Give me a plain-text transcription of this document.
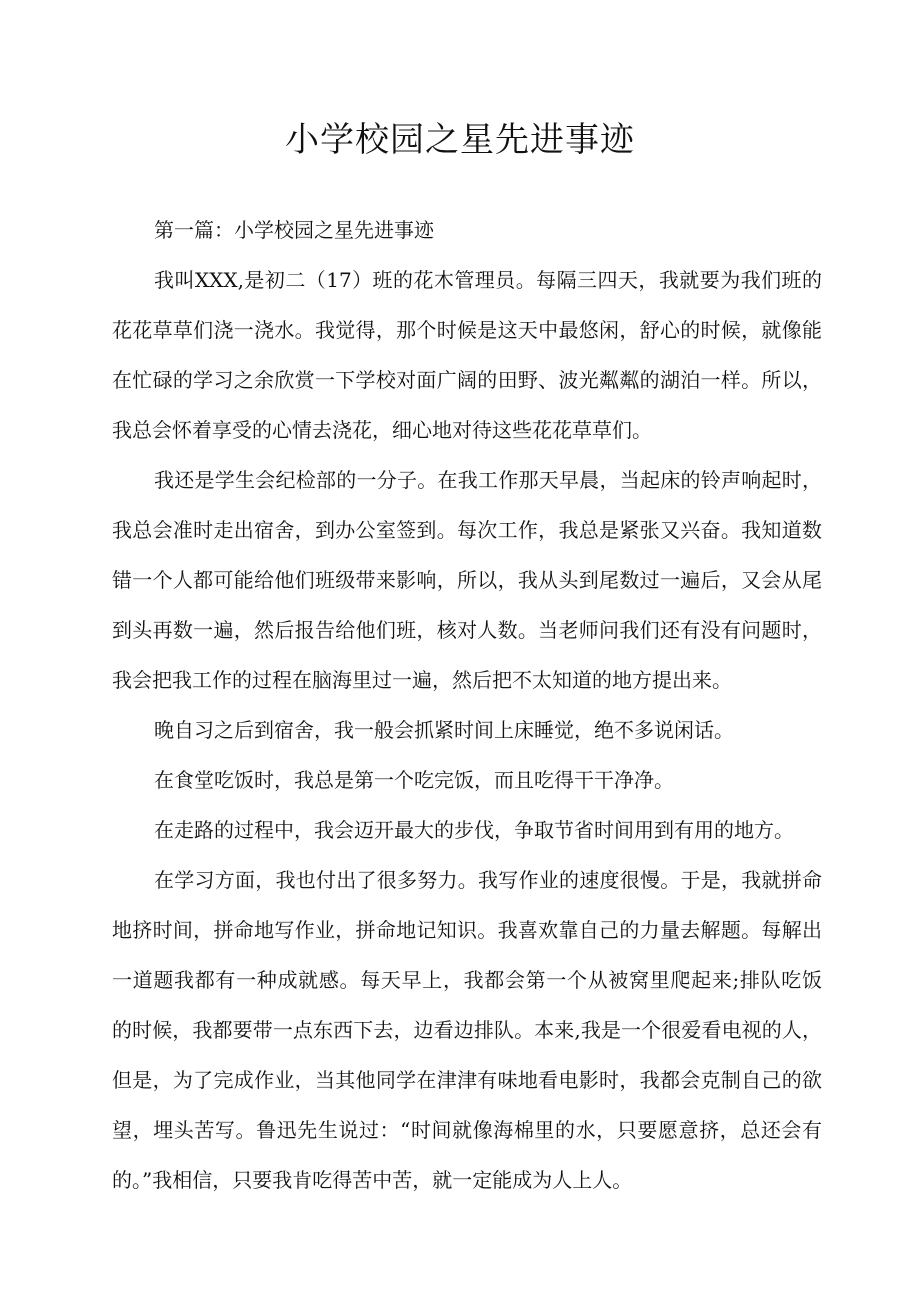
小学校园之星先进事迹

第一篇：小学校园之星先进事迹

我叫XXX,是初二（17）班的花木管理员。每隔三四天，我就要为我们班的
花花草草们浇一浇水。我觉得，那个时候是这天中最悠闲，舒心的时候，就像能
在忙碌的学习之余欣赏一下学校对面广阔的田野、波光粼粼的湖泊一样。所以，
我总会怀着享受的心情去浇花，细心地对待这些花花草草们。

我还是学生会纪检部的一分子。在我工作那天早晨，当起床的铃声响起时，
我总会准时走出宿舍，到办公室签到。每次工作，我总是紧张又兴奋。我知道数
错一个人都可能给他们班级带来影响，所以，我从头到尾数过一遍后，又会从尾
到头再数一遍，然后报告给他们班，核对人数。当老师问我们还有没有问题时，
我会把我工作的过程在脑海里过一遍，然后把不太知道的地方提出来。

晚自习之后到宿舍，我一般会抓紧时间上床睡觉，绝不多说闲话。

在食堂吃饭时，我总是第一个吃完饭，而且吃得干干净净。

在走路的过程中，我会迈开最大的步伐，争取节省时间用到有用的地方。

在学习方面，我也付出了很多努力。我写作业的速度很慢。于是，我就拼命
地挤时间，拼命地写作业，拼命地记知识。我喜欢靠自己的力量去解题。每解出
一道题我都有一种成就感。每天早上，我都会第一个从被窝里爬起来;排队吃饭
的时候，我都要带一点东西下去，边看边排队。本来,我是一个很爱看电视的人，
但是，为了完成作业，当其他同学在津津有味地看电影时，我都会克制自己的欲
望，埋头苦写。鲁迅先生说过：“时间就像海棉里的水，只要愿意挤，总还会有
的。”我相信，只要我肯吃得苦中苦，就一定能成为人上人。
